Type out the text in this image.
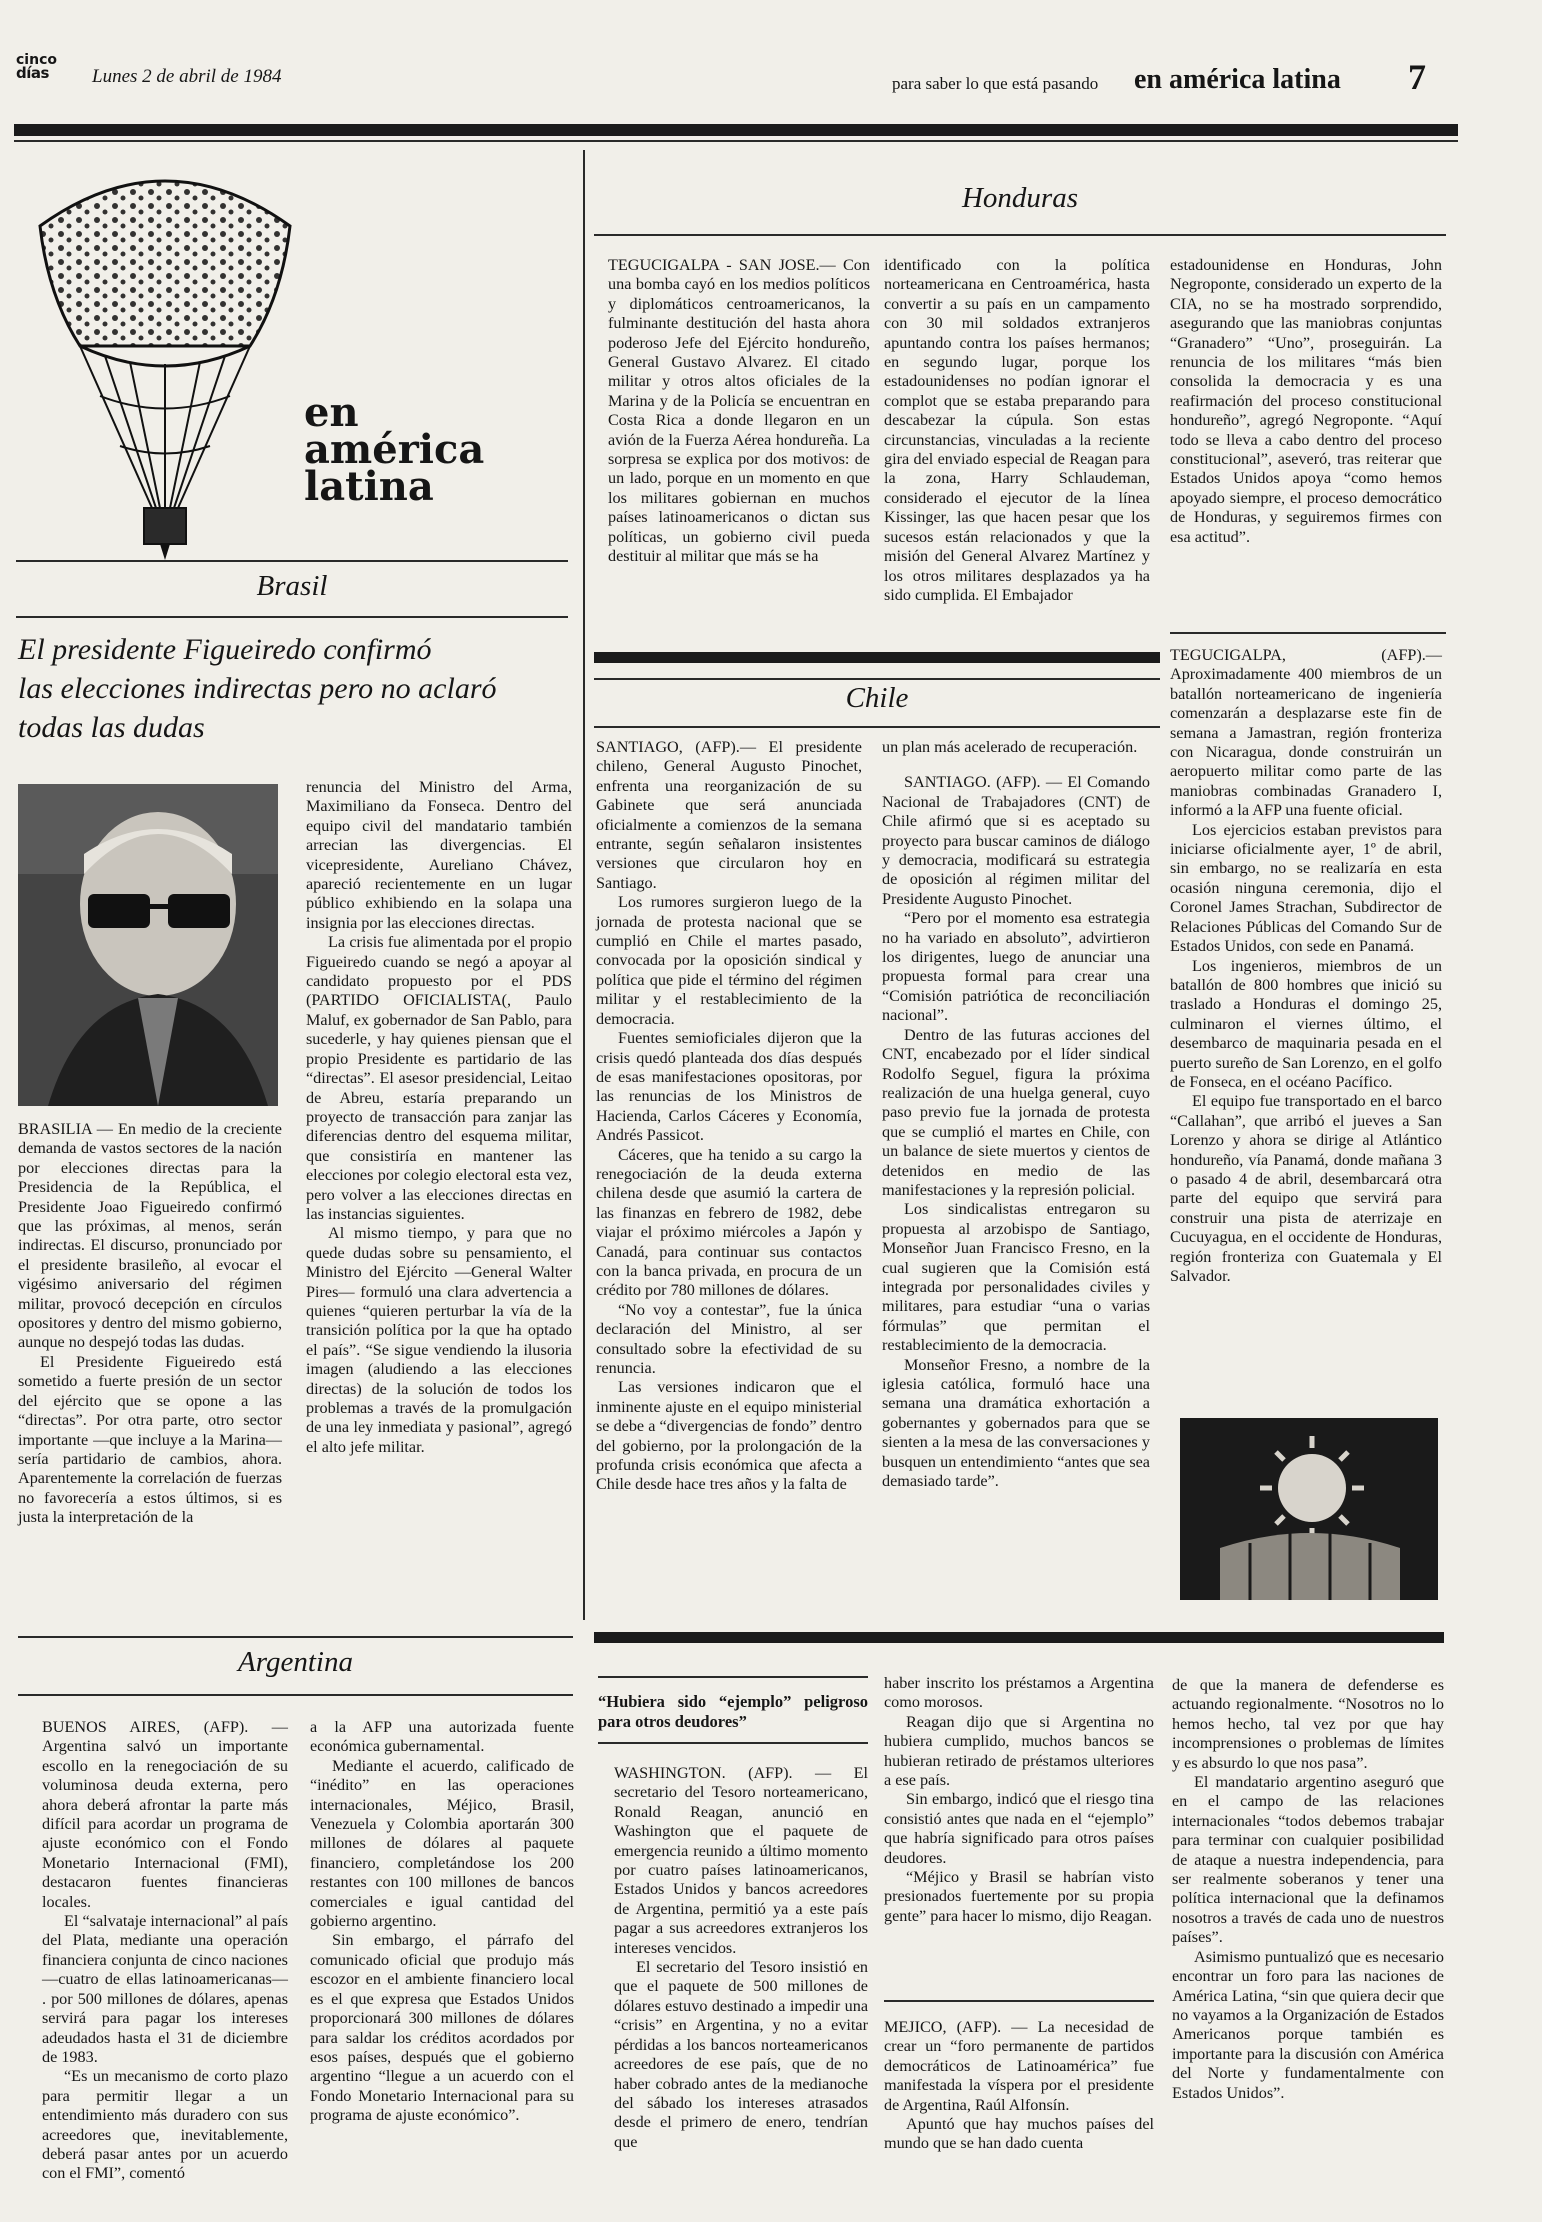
cinco
días	Lunes 2 de abril de 1984	para saber lo que está pasando en américa latina 7
en
américa
latina
Brasil
El presidente Figueiredo confirmó
las elecciones indirectas pero no aclaró
todas las dudas

BRASILIA — En medio de la creciente demanda de vastos sectores de la nación por elecciones directas para la Presidencia de la República, el Presidente Joao Figueiredo confirmó que las próximas, al menos, serán indirectas. El discurso, pronunciado por el presidente brasileño, al evocar el vigésimo aniversario del régimen militar, provocó decepción en círculos opositores y dentro del mismo gobierno, aunque no despejó todas las dudas.

El Presidente Figueiredo está sometido a fuerte presión de un sector del ejército que se opone a las “directas”. Por otra parte, otro sector importante —que incluye a la Marina— sería partidario de cambios, ahora. Aparentemente la correlación de fuerzas no favorecería a estos últimos, si es justa la interpretación de la

renuncia del Ministro del Arma, Maximiliano da Fonseca. Dentro del equipo civil del mandatario también arrecian las divergencias. El vicepresidente, Aureliano Chávez, apareció recientemente en un lugar público exhibiendo en la solapa una insignia por las elecciones directas.

La crisis fue alimentada por el propio Figueiredo cuando se negó a apoyar al candidato propuesto por el PDS (PARTIDO OFICIALISTA(, Paulo Maluf, ex gobernador de San Pablo, para sucederle, y hay quienes piensan que el propio Presidente es partidario de las “directas”. El asesor presidencial, Leitao de Abreu, estaría preparando un proyecto de transacción para zanjar las diferencias dentro del esquema militar, que consistiría en mantener las elecciones por colegio electoral esta vez, pero volver a las elecciones directas en las instancias siguientes.

Al mismo tiempo, y para que no quede dudas sobre su pensamiento, el Ministro del Ejército —General Walter Pires— formuló una clara advertencia a quienes “quieren perturbar la vía de la transición política por la que ha optado el país”. “Se sigue vendiendo la ilusoria imagen (aludiendo a las elecciones directas) de la solución de todos los problemas a través de la promulgación de una ley inmediata y pasional”, agregó el alto jefe militar.

Honduras

TEGUCIGALPA - SAN JOSE.— Con una bomba cayó en los medios políticos y diplomáticos centroamericanos, la fulminante destitución del hasta ahora poderoso Jefe del Ejército hondureño, General Gustavo Alvarez. El citado militar y otros altos oficiales de la Marina y de la Policía se encuentran en Costa Rica a donde llegaron en un avión de la Fuerza Aérea hondureña. La sorpresa se explica por dos motivos: de un lado, porque en un momento en que los militares gobiernan en muchos países latinoamericanos o dictan sus políticas, un gobierno civil pueda destituir al militar que más se ha

identificado con la política norteamericana en Centroamérica, hasta convertir a su país en un campamento con 30 mil soldados extranjeros apuntando contra los países hermanos; en segundo lugar, porque los estadounidenses no podían ignorar el complot que se estaba preparando para descabezar la cúpula. Son estas circunstancias, vinculadas a la reciente gira del enviado especial de Reagan para la zona, Harry Schlaudeman, considerado el ejecutor de la línea Kissinger, las que hacen pesar que los sucesos están relacionados y que la misión del General Alvarez Martínez y los otros militares desplazados ya ha sido cumplida. El Embajador

estadounidense en Honduras, John Negroponte, considerado un experto de la CIA, no se ha mostrado sorprendido, asegurando que las maniobras conjuntas “Granadero” “Uno”, proseguirán. La renuncia de los militares “más bien consolida la democracia y es una reafirmación del proceso constitucional hondureño”, agregó Negroponte. “Aquí todo se lleva a cabo dentro del proceso constitucional”, aseveró, tras reiterar que Estados Unidos apoya “como hemos apoyado siempre, el proceso democrático de Honduras, y seguiremos firmes con esa actitud”.

TEGUCIGALPA, (AFP).— Aproximadamente 400 miembros de un batallón norteamericano de ingeniería comenzarán a desplazarse este fin de semana a Jamastran, región fronteriza con Nicaragua, donde construirán un aeropuerto militar como parte de las maniobras combinadas Granadero I, informó a la AFP una fuente oficial.

Los ejercicios estaban previstos para iniciarse oficialmente ayer, 1º de abril, sin embargo, no se realizaría en esta ocasión ninguna ceremonia, dijo el Coronel James Strachan, Subdirector de Relaciones Públicas del Comando Sur de Estados Unidos, con sede en Panamá.

Los ingenieros, miembros de un batallón de 800 hombres que inició su traslado a Honduras el domingo 25, culminaron el viernes último, el desembarco de maquinaria pesada en el puerto sureño de San Lorenzo, en el golfo de Fonseca, en el océano Pacífico.

El equipo fue transportado en el barco “Callahan”, que arribó el jueves a San Lorenzo y ahora se dirige al Atlántico hondureño, vía Panamá, donde mañana 3 o pasado 4 de abril, desembarcará otra parte del equipo que servirá para construir una pista de aterrizaje en Cucuyagua, en el occidente de Honduras, región fronteriza con Guatemala y El Salvador.

Chile

SANTIAGO, (AFP).— El presidente chileno, General Augusto Pinochet, enfrenta una reorganización de su Gabinete que será anunciada oficialmente a comienzos de la semana entrante, según señalaron insistentes versiones que circularon hoy en Santiago.

Los rumores surgieron luego de la jornada de protesta nacional que se cumplió en Chile el martes pasado, convocada por la oposición sindical y política que pide el término del régimen militar y el restablecimiento de la democracia.

Fuentes semioficiales dijeron que la crisis quedó planteada dos días después de esas manifestaciones opositoras, por las renuncias de los Ministros de Hacienda, Carlos Cáceres y Economía, Andrés Passicot.

Cáceres, que ha tenido a su cargo la renegociación de la deuda externa chilena desde que asumió la cartera de las finanzas en febrero de 1982, debe viajar el próximo miércoles a Japón y Canadá, para continuar sus contactos con la banca privada, en procura de un crédito por 780 millones de dólares.

“No voy a contestar”, fue la única declaración del Ministro, al ser consultado sobre la efectividad de su renuncia.

Las versiones indicaron que el inminente ajuste en el equipo ministerial se debe a “divergencias de fondo” dentro del gobierno, por la prolongación de la profunda crisis económica que afecta a Chile desde hace tres años y la falta de

un plan más acelerado de recuperación.

SANTIAGO. (AFP). — El Comando Nacional de Trabajadores (CNT) de Chile afirmó que si es aceptado su proyecto para buscar caminos de diálogo y democracia, modificará su estrategia de oposición al régimen militar del Presidente Augusto Pinochet.

“Pero por el momento esa estrategia no ha variado en absoluto”, advirtieron los dirigentes, luego de anunciar una propuesta formal para crear una “Comisión patriótica de reconciliación nacional”.

Dentro de las futuras acciones del CNT, encabezado por el líder sindical Rodolfo Seguel, figura la próxima realización de una huelga general, cuyo paso previo fue la jornada de protesta que se cumplió el martes en Chile, con un balance de siete muertos y cientos de detenidos en medio de las manifestaciones y la represión policial.

Los sindicalistas entregaron su propuesta al arzobispo de Santiago, Monseñor Juan Francisco Fresno, en la cual sugieren que la Comisión está integrada por personalidades civiles y militares, para estudiar “una o varias fórmulas” que permitan el restablecimiento de la democracia.

Monseñor Fresno, a nombre de la iglesia católica, formuló hace una semana una dramática exhortación a gobernantes y gobernados para que se sienten a la mesa de las conversaciones y busquen un entendimiento “antes que sea demasiado tarde”.

Argentina

BUENOS AIRES, (AFP). — Argentina salvó un importante escollo en la renegociación de su voluminosa deuda externa, pero ahora deberá afrontar la parte más difícil para acordar un programa de ajuste económico con el Fondo Monetario Internacional (FMI), destacaron fuentes financieras locales.

El “salvataje internacional” al país del Plata, mediante una operación financiera conjunta de cinco naciones —cuatro de ellas latinoamericanas— . por 500 millones de dólares, apenas servirá para pagar los intereses adeudados hasta el 31 de diciembre de 1983.

“Es un mecanismo de corto plazo para permitir llegar a un entendimiento más duradero con sus acreedores que, inevitablemente, deberá pasar antes por un acuerdo con el FMI”, comentó

a la AFP una autorizada fuente económica gubernamental.

Mediante el acuerdo, calificado de “inédito” en las operaciones internacionales, Méjico, Brasil, Venezuela y Colombia aportarán 300 millones de dólares al paquete financiero, completándose los 200 restantes con 100 millones de bancos comerciales e igual cantidad del gobierno argentino.

Sin embargo, el párrafo del comunicado oficial que produjo más escozor en el ambiente financiero local es el que expresa que Estados Unidos proporcionará 300 millones de dólares para saldar los créditos acordados por esos países, después que el gobierno argentino “llegue a un acuerdo con el Fondo Monetario Internacional para su programa de ajuste económico”.

“Hubiera sido “ejemplo” peligroso para otros deudores”

WASHINGTON. (AFP). — El secretario del Tesoro norteamericano, Ronald Reagan, anunció en Washington que el paquete de emergencia reunido a último momento por cuatro países latinoamericanos, Estados Unidos y bancos acreedores de Argentina, permitió ya a este país pagar a sus acreedores extranjeros los intereses vencidos.

El secretario del Tesoro insistió en que el paquete de 500 millones de dólares estuvo destinado a impedir una “crisis” en Argentina, y no a evitar pérdidas a los bancos norteamericanos acreedores de ese país, que de no haber cobrado antes de la medianoche del sábado los intereses atrasados desde el primero de enero, tendrían que

haber inscrito los préstamos a Argentina como morosos.

Reagan dijo que si Argentina no hubiera cumplido, muchos bancos se hubieran retirado de préstamos ulteriores a ese país.

Sin embargo, indicó que el riesgo tina consistió antes que nada en el “ejemplo” que habría significado para otros países deudores.

“Méjico y Brasil se habrían visto presionados fuertemente por su propia gente” para hacer lo mismo, dijo Reagan.

MEJICO, (AFP). — La necesidad de crear un “foro permanente de partidos democráticos de Latinoamérica” fue manifestada la víspera por el presidente de Argentina, Raúl Alfonsín.

Apuntó que hay muchos países del mundo que se han dado cuenta

de que la manera de defenderse es actuando regionalmente. “Nosotros no lo hemos hecho, tal vez por que hay incomprensiones o problemas de límites y es absurdo lo que nos pasa”.

El mandatario argentino aseguró que en el campo de las relaciones internacionales “todos debemos trabajar para terminar con cualquier posibilidad de ataque a nuestra independencia, para ser realmente soberanos y tener una política internacional que la definamos nosotros a través de cada uno de nuestros países”.

Asimismo puntualizó que es necesario encontrar un foro para las naciones de América Latina, “sin que quiera decir que no vayamos a la Organización de Estados Americanos porque también es importante para la discusión con América del Norte y fundamentalmente con Estados Unidos”.
